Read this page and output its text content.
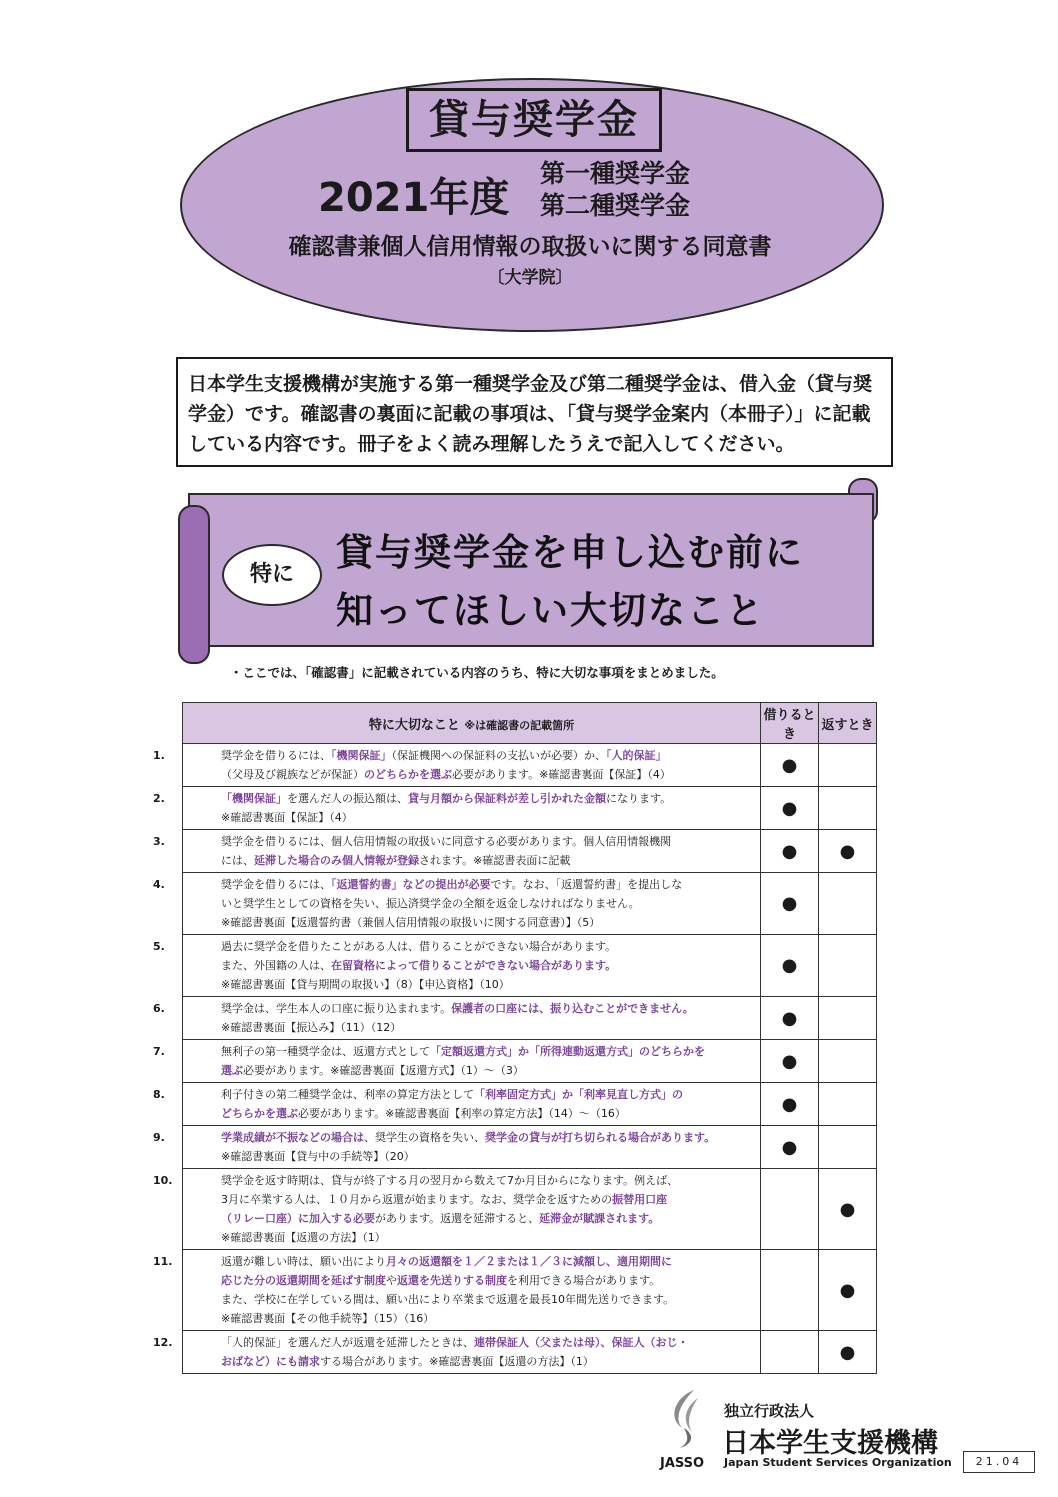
貸与奨学金
2021年度
第一種奨学金
第二種奨学金
確認書兼個人信用情報の取扱いに関する同意書
〔大学院〕
日本学生支援機構が実施する第一種奨学金及び第二種奨学金は、借入金（貸与奨学金）です。確認書の裏面に記載の事項は、「貸与奨学金案内（本冊子）」に記載している内容です。冊子をよく読み理解したうえで記入してください。
特に
貸与奨学金を申し込む前に
知ってほしい大切なこと
・ここでは、「確認書」に記載されている内容のうち、特に大切な事項をまとめました。
特に大切なこと ※は確認書の記載箇所	借りるとき	返すとき

1. 奨学金を借りるには、「機関保証」（保証機関への保証料の支払いが必要）か、「人的保証」
（父母及び親族などが保証）のどちらかを選ぶ必要があります。※確認書裏面【保証】（4）	●	

2. 「機関保証」を選んだ人の振込額は、貸与月額から保証料が差し引かれた金額になります。
※確認書裏面【保証】（4）	●	

3. 奨学金を借りるには、個人信用情報の取扱いに同意する必要があります。個人信用情報機関
には、延滞した場合のみ個人情報が登録されます。※確認書表面に記載	●	●

4. 奨学金を借りるには、「返還誓約書」などの提出が必要です。なお、「返還誓約書」を提出しな
いと奨学生としての資格を失い、振込済奨学金の全額を返金しなければなりません。
※確認書裏面【返還誓約書（兼個人信用情報の取扱いに関する同意書）】（5）	●	

5. 過去に奨学金を借りたことがある人は、借りることができない場合があります。
また、外国籍の人は、在留資格によって借りることができない場合があります。
※確認書裏面【貸与期間の取扱い】（8）【申込資格】（10）	●	

6. 奨学金は、学生本人の口座に振り込まれます。保護者の口座には、振り込むことができません。
※確認書裏面【振込み】（11）（12）	●	

7. 無利子の第一種奨学金は、返還方式として「定額返還方式」か「所得連動返還方式」のどちらかを
選ぶ必要があります。※確認書裏面【返還方式】（1）～（3）	●	

8. 利子付きの第二種奨学金は、利率の算定方法として「利率固定方式」か「利率見直し方式」の
どちらかを選ぶ必要があります。※確認書裏面【利率の算定方法】（14）～（16）	●	

9. 学業成績が不振などの場合は、奨学生の資格を失い、奨学金の貸与が打ち切られる場合があります。
※確認書裏面【貸与中の手続等】（20）	●	

10. 奨学金を返す時期は、貸与が終了する月の翌月から数えて7か月目からになります。例えば、
3月に卒業する人は、１０月から返還が始まります。なお、奨学金を返すための振替用口座
（リレー口座）に加入する必要があります。返還を延滞すると、延滞金が賦課されます。
※確認書裏面【返還の方法】（1）		●

11. 返還が難しい時は、願い出により月々の返還額を１／２または１／３に減額し、適用期間に
応じた分の返還期間を延ばす制度や返還を先送りする制度を利用できる場合があります。
また、学校に在学している間は、願い出により卒業まで返還を最長10年間先送りできます。
※確認書裏面【その他手続等】（15）（16）		●

12. 「人的保証」を選んだ人が返還を延滞したときは、連帯保証人（父または母）、保証人（おじ・
おばなど）にも請求する場合があります。※確認書裏面【返還の方法】（1）		●
JASSO
独立行政法人
日本学生支援機構
Japan Student Services Organization	21.04
